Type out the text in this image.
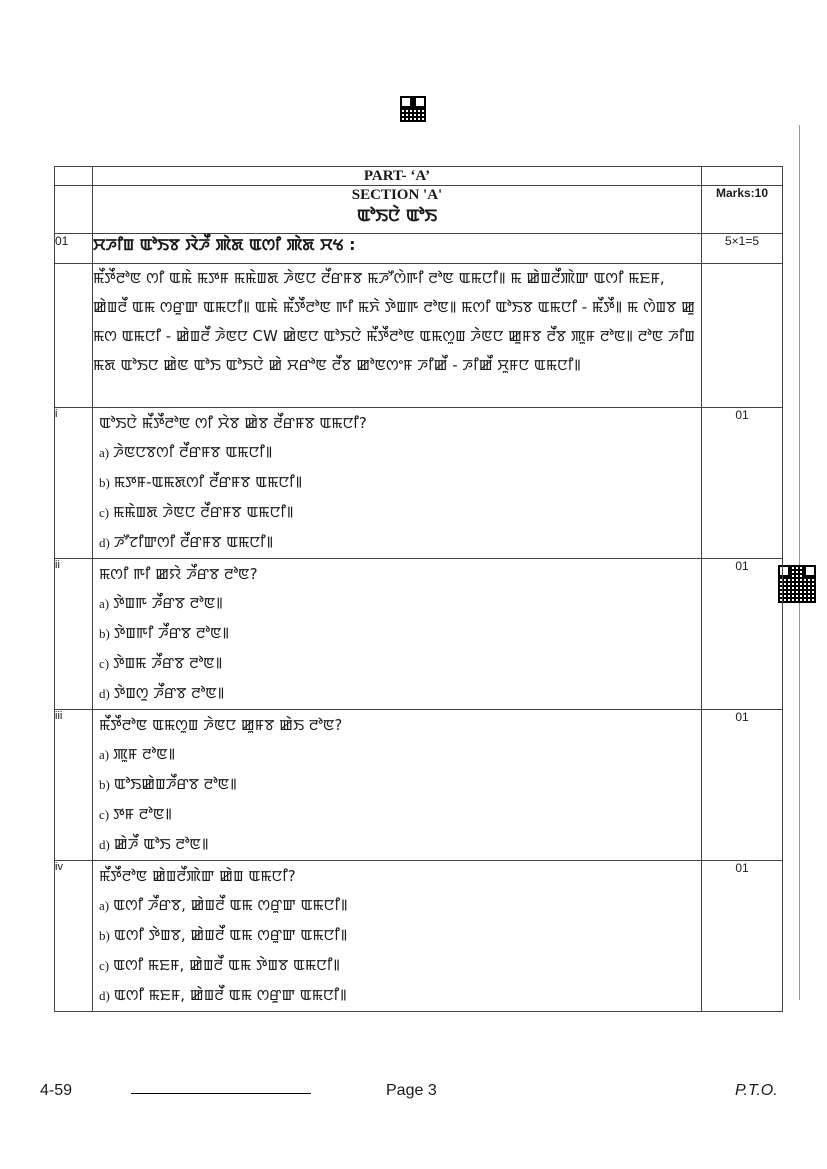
	PART- ‘A’	

	SECTION 'A'
ꯑꯣꯏꯅꯥ ꯑꯣꯏ	Marks:10
01	ꯆꯍꯤꯡ ꯑꯣꯏꯕ ꯋꯥꯍꯩ ꯄꯥꯗ ꯑꯁꯤ ꯄꯥꯗ ꯆꯠ :	5×1=5
	ꯃꯩꯇꯩꯂꯣꯟ ꯁꯤ ꯑꯃꯥ ꯃꯇꯝ ꯃꯃꯥꯡꯗ ꯍꯥꯟꯅ ꯂꯩꯔꯝꯕ ꯃꯍꯧꯁꯥꯒꯤ ꯂꯣꯟ ꯑꯃꯅꯤ꯫ ꯃ ꯀꯥꯡꯂꯩꯄꯥꯛ ꯑꯁꯤ ꯃꯐꯝ, ꯀꯥꯡꯂꯩ ꯑꯃ ꯁꯔꯨꯛ ꯑꯃꯅꯤ꯫ ꯑꯃꯥ ꯃꯩꯇꯩꯂꯣꯟ ꯒꯤ ꯃꯈꯥ ꯇꯥꯡꯒ ꯂꯣꯟ꯫ ꯃꯁꯤ ꯑꯣꯏꯕ ꯑꯃꯅꯤ - ꯃꯩꯇꯩ꯫ ꯃ ꯁꯥꯡꯕ ꯀꯨ ꯃꯁ ꯑꯃꯅꯤ - ꯀꯥꯡꯂꯩ ꯍꯥꯟꯅ CW ꯀꯥꯟꯅ ꯑꯣꯏꯅꯥ ꯃꯩꯇꯩꯂꯣꯟ ꯑꯃꯁꯨꯡ ꯍꯥꯟꯅ ꯀꯨꯝꯕ ꯂꯩꯕ ꯄꯨꯝ ꯂꯣꯟ꯫ ꯂꯣꯟ ꯍꯤꯡ ꯃꯗ ꯑꯣꯏꯅ ꯀꯥꯟ ꯑꯣꯏ ꯑꯣꯏꯅꯥ ꯀꯥ ꯆꯔꯣꯟ ꯂꯩꯕ ꯀꯣꯟꯁꯦꯝ ꯍꯤꯀꯩ - ꯍꯤꯀꯩ ꯆꯨꯝꯅ ꯑꯃꯅꯤ꯫	
i	ꯑꯣꯏꯅꯥ ꯃꯩꯇꯩꯂꯣꯟ ꯁꯤ ꯆꯥꯕ ꯀꯥꯕ ꯂꯩꯔꯝꯕ ꯑꯃꯅꯤ?
a) ꯍꯥꯟꯅꯕꯁꯤ ꯂꯩꯔꯝꯕ ꯑꯃꯅꯤ꯫
b) ꯃꯇꯝ-ꯑꯃꯗꯁꯤ ꯂꯩꯔꯝꯕ ꯑꯃꯅꯤ꯫
c) ꯃꯃꯥꯡꯗ ꯍꯥꯟꯅ ꯂꯩꯔꯝꯕ ꯑꯃꯅꯤ꯫
d) ꯍꯧꯖꯤꯛꯁꯤ ꯂꯩꯔꯝꯕ ꯑꯃꯅꯤ꯫	01
ii	ꯃꯁꯤ ꯒꯤ ꯀꯌꯥ ꯍꯩꯔꯕ ꯂꯣꯟ?
a) ꯇꯥꯡꯒ ꯍꯩꯔꯕ ꯂꯣꯟ꯫
b) ꯇꯥꯡꯒꯤ ꯍꯩꯔꯕ ꯂꯣꯟ꯫
c) ꯇꯥꯡꯃ ꯍꯩꯔꯕ ꯂꯣꯟ꯫
d) ꯇꯥꯡꯁꯨ ꯍꯩꯔꯕ ꯂꯣꯟ꯫	01
iii	ꯃꯩꯇꯩꯂꯣꯟ ꯑꯃꯁꯨꯡ ꯍꯥꯟꯅ ꯀꯨꯝꯕ ꯀꯥꯏ ꯂꯣꯟ?
a) ꯄꯨꯝ ꯂꯣꯟ꯫
b) ꯑꯣꯏꯀꯥꯡꯍꯩꯔꯕ ꯂꯣꯟ꯫
c) ꯇꯝ ꯂꯣꯟ꯫
d) ꯀꯥꯍꯩ ꯑꯣꯏ ꯂꯣꯟ꯫	01
iv	ꯃꯩꯇꯩꯂꯣꯟ ꯀꯥꯡꯂꯩꯄꯥꯛ ꯀꯥꯡ ꯑꯃꯅꯤ?
a) ꯑꯁꯤ ꯍꯩꯔꯕ, ꯀꯥꯡꯂꯩ ꯑꯃ ꯁꯔꯨꯛ ꯑꯃꯅꯤ꯫
b) ꯑꯁꯤ ꯇꯥꯡꯕ, ꯀꯥꯡꯂꯩ ꯑꯃ ꯁꯔꯨꯛ ꯑꯃꯅꯤ꯫
c) ꯑꯁꯤ ꯃꯐꯝ, ꯀꯥꯡꯂꯩ ꯑꯃ ꯇꯥꯡꯕ ꯑꯃꯅꯤ꯫
d) ꯑꯁꯤ ꯃꯐꯝ, ꯀꯥꯡꯂꯩ ꯑꯃ ꯁꯔꯨꯛ ꯑꯃꯅꯤ꯫	01
4-59	Page 3	P.T.O.
